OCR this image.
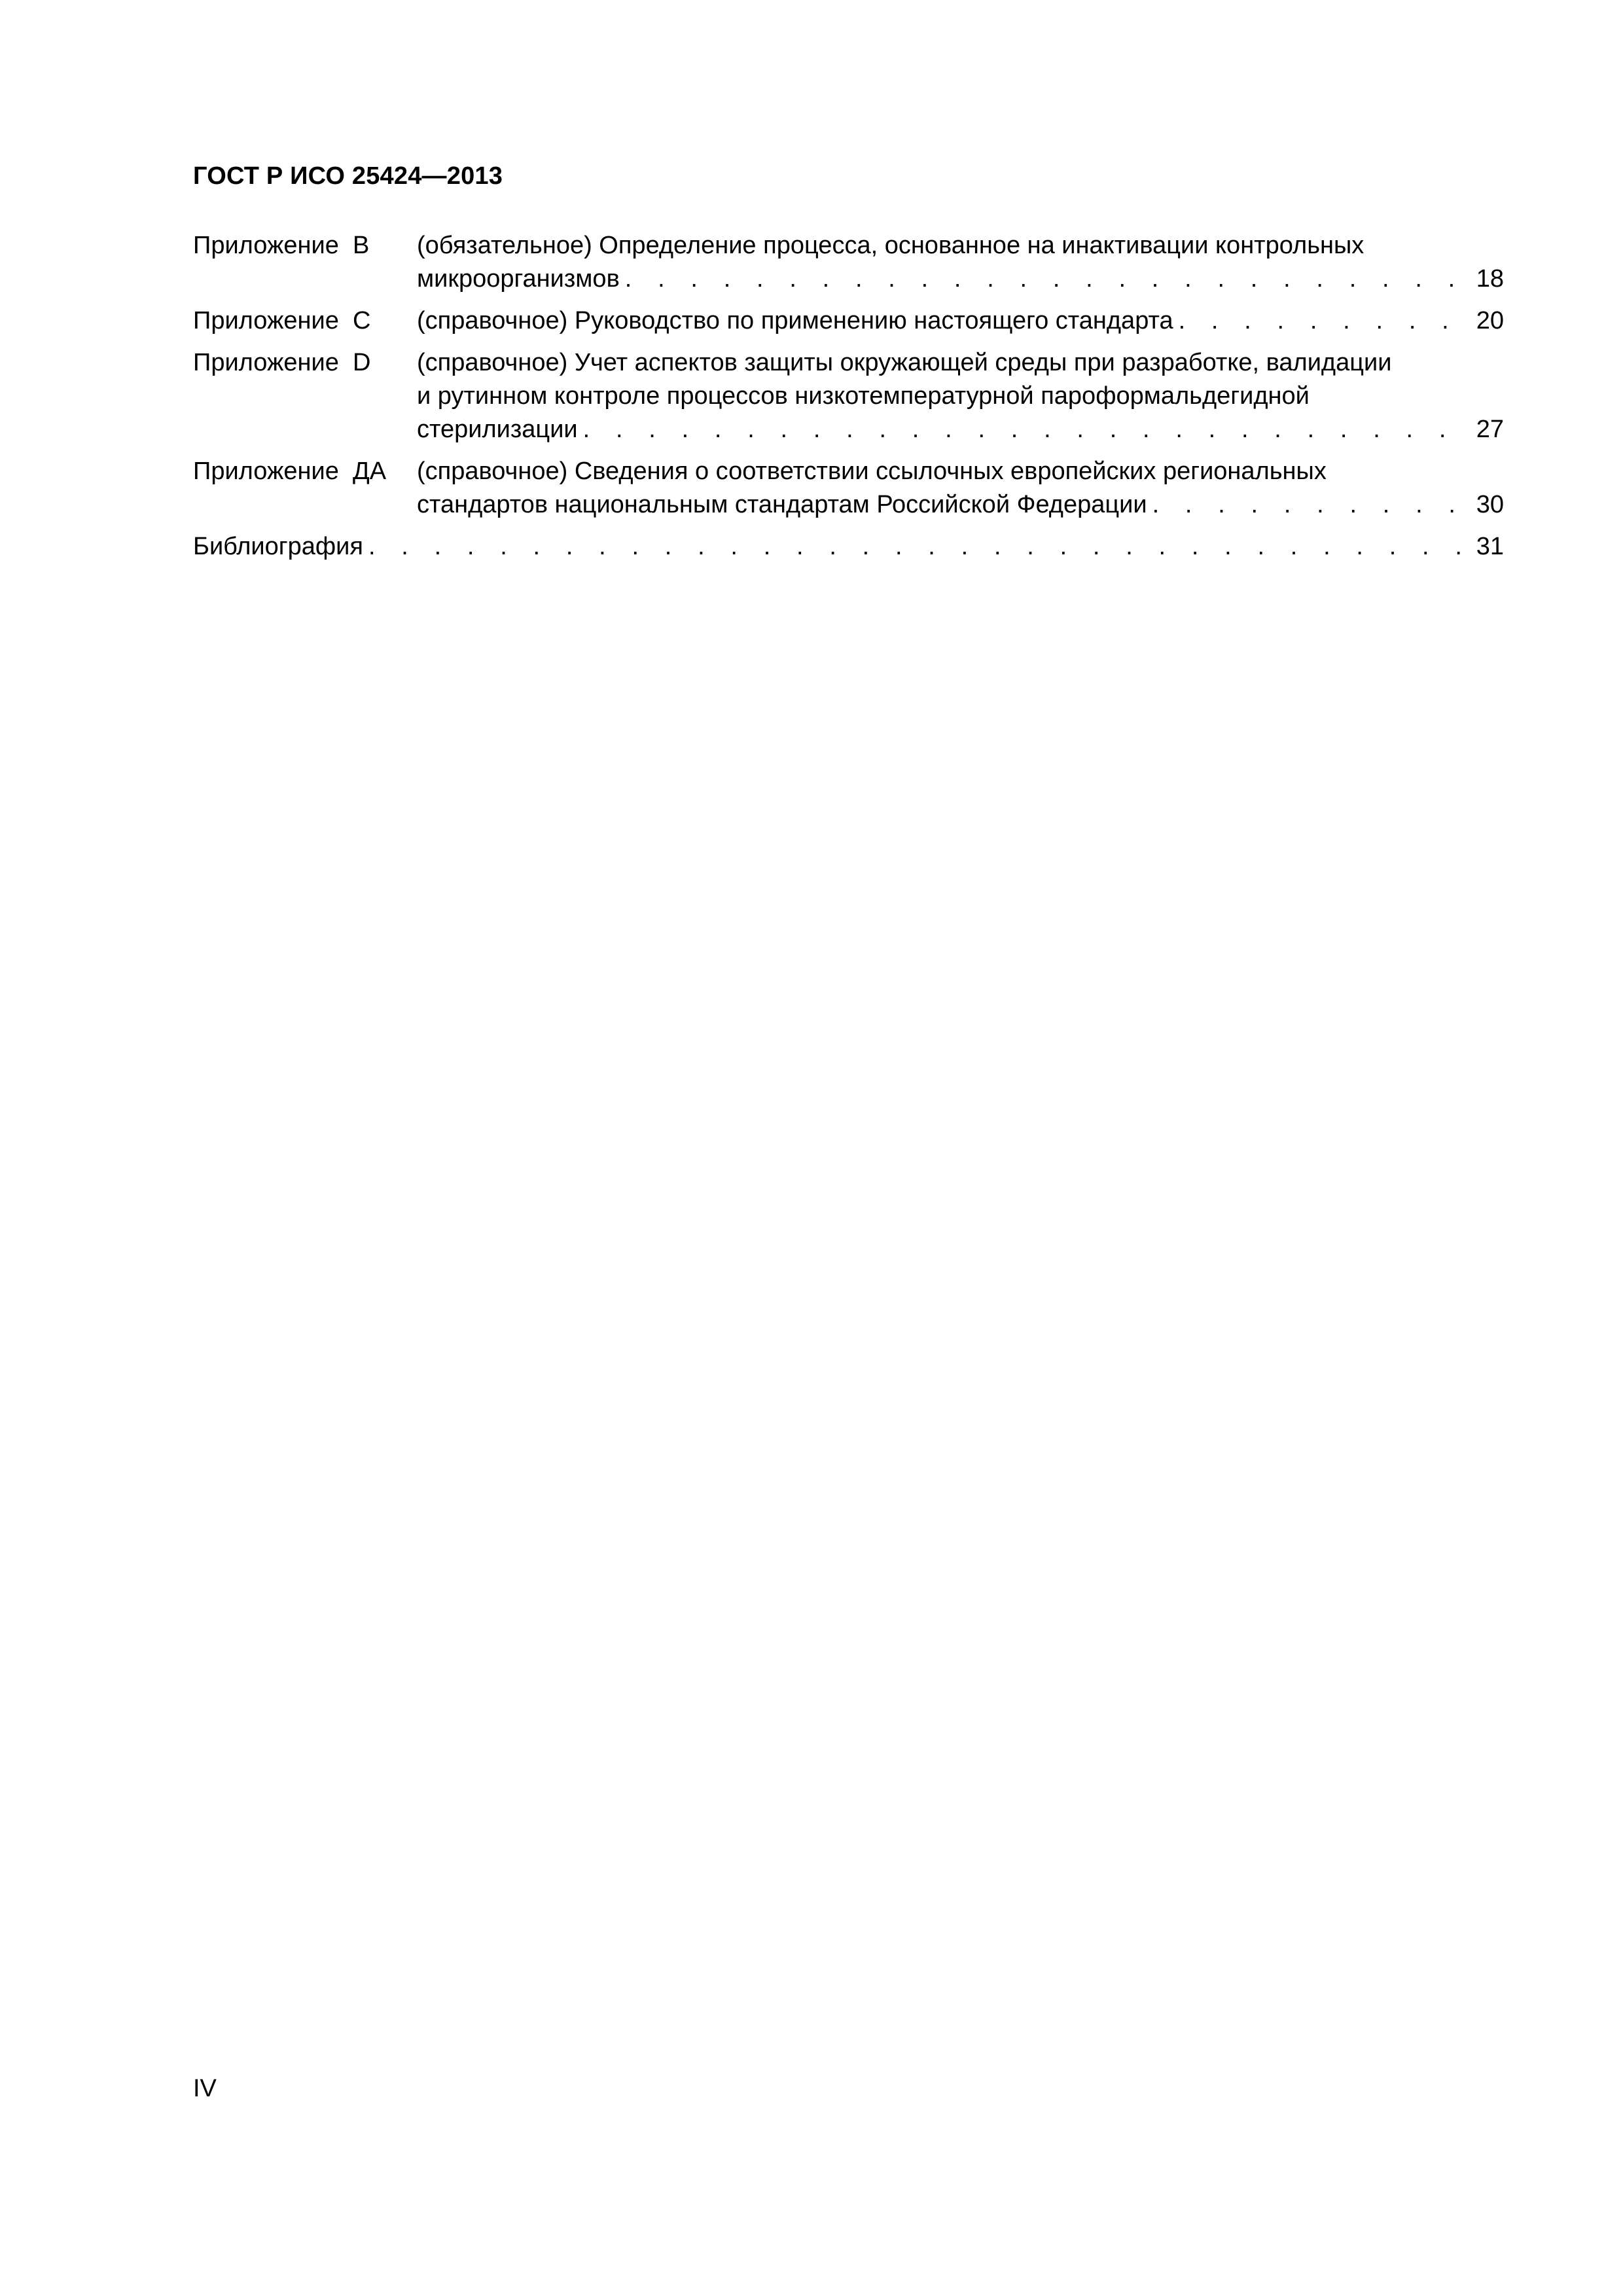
ГОСТ Р ИСО 25424—2013
Приложение  B	(обязательное) Определение процесса, основанное на инактивации контрольных
микроорганизмов . . .	18
Приложение  C	(справочное) Руководство по применению настоящего стандарта . . .	20
Приложение  D	(справочное) Учет аспектов защиты окружающей среды при разработке, валидации
и рутинном контроле процессов низкотемпературной пароформальдегидной
стерилизации . . .	27
Приложение  ДА	(справочное) Сведения о соответствии ссылочных европейских региональных
стандартов национальным стандартам Российской Федерации . . .	30
Библиография . . .	31
IV
